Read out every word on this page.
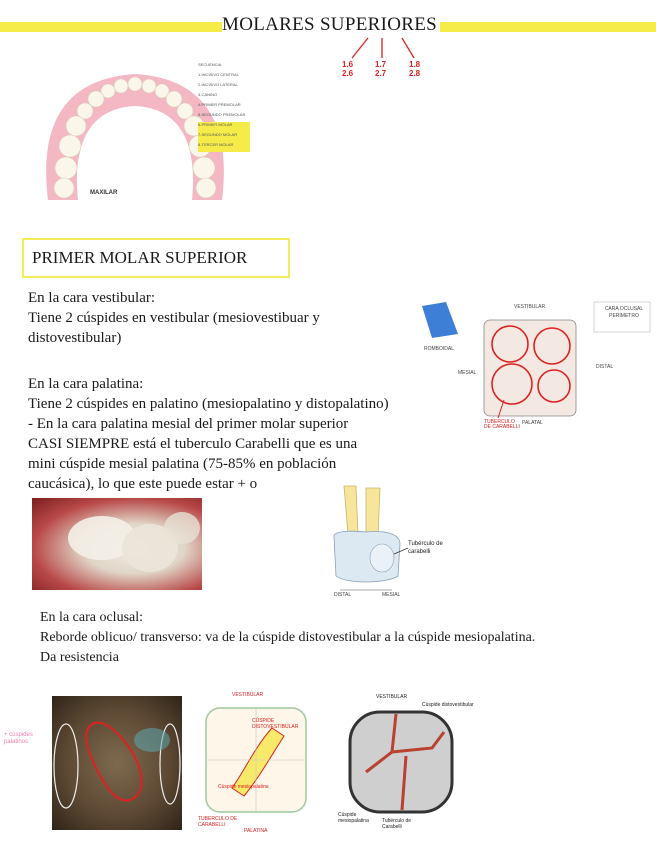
MOLARES SUPERIORES
1.6
2.6
1.7
2.7
1.8
2.8
MAXILAR
SECUENCIA
1-INCISIVO CENTRAL
2-INCISIVO LATERAL
3-CANINO
4-PRIMER PREMOLAR
5-SEGUNDO PREMOLAR
6-PRIMER MOLAR
7-SEGUNDO MOLAR
8-TERCER MOLAR
PRIMER MOLAR SUPERIOR
En la cara vestibular:
Tiene 2 cúspides en vestibular (mesiovestibuar y
distovestibular)
En la cara palatina:
Tiene 2 cúspides en palatino (mesiopalatino y distopalatino)
- En la cara palatina mesial del primer molar superior
CASI SIEMPRE está el tuberculo Carabelli que es una
mini cúspide mesial palatina (75-85% en población
caucásica), lo que este puede estar + o
VESTIBULAR
ROMBOIDAL
MESIAL
DISTAL
PALATAL
TUBERCULO DE CARABELLI
CARA OCLUSAL PERIMETRO
Tubérculo de carabelli
DISTAL	MESIAL
En la cara oclusal:
Reborde oblicuo/ transverso: va de la cúspide distovestibular a la cúspide mesiopalatina.
Da resistencia
+ cúspides
palatinos
VESTIBULAR
CÚSPIDE DISTOVESTIBULAR
Cúspide mesiopalatina
TUBERCULO DE CARABELLI
PALATINA
VESTIBULAR
Cúspide distovestibular
Cúspide mesiopalatina	Tubérculo de Carabelli
